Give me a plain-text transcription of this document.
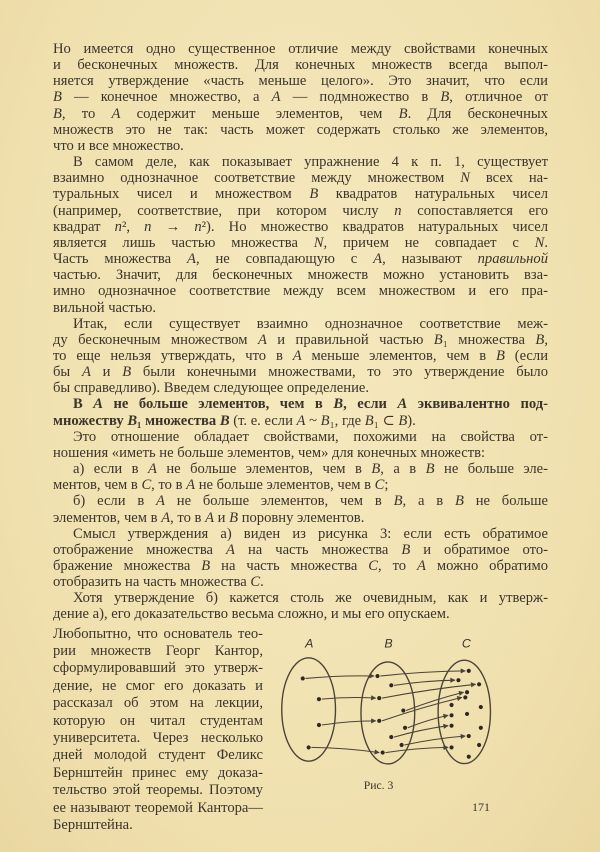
Но имеется одно существенное отличие между свойствами конечных
и бесконечных множеств. Для конечных множеств всегда выпол-
няется утверждение «часть меньше целого». Это значит, что если
B — конечное множество, а A — подмножество в B, отличное от
B, то A содержит меньше элементов, чем B. Для бесконечных
множеств это не так: часть может содержать столько же элементов,
что и все множество.
В самом деле, как показывает упражнение 4 к п. 1, существует
взаимно однозначное соответствие между множеством N всех на-
туральных чисел и множеством B квадратов натуральных чисел
(например, соответствие, при котором числу n сопоставляется его
квадрат n², n → n²). Но множество квадратов натуральных чисел
является лишь частью множества N, причем не совпадает с N.
Часть множества A, не совпадающую с A, называют правильной
частью. Значит, для бесконечных множеств можно установить вза-
имно однозначное соответствие между всем множеством и его пра-
вильной частью.
Итак, если существует взаимно однозначное соответствие меж-
ду бесконечным множеством A и правильной частью B₁ множества B,
то еще нельзя утверждать, что в A меньше элементов, чем в B (если
бы A и B были конечными множествами, то это утверждение было
бы справедливо). Введем следующее определение.
В A не больше элементов, чем в B, если A эквивалентно под-
множеству B₁ множества B (т. е. если A ~ B₁, где B₁ ⊂ B).
Это отношение обладает свойствами, похожими на свойства от-
ношения «иметь не больше элементов, чем» для конечных множеств:
а) если в A не больше элементов, чем в B, а в B не больше эле-
ментов, чем в C, то в A не больше элементов, чем в C;
б) если в A не больше элементов, чем в B, а в B не больше
элементов, чем в A, то в A и B поровну элементов.
Смысл утверждения а) виден из рисунка 3: если есть обратимое
отображение множества A на часть множества B и обратимое ото-
бражение множества B на часть множества C, то A можно обратимо
отобразить на часть множества C.
Хотя утверждение б) кажется столь же очевидным, как и утверж-
дение а), его доказательство весьма сложно, и мы его опускаем.
Любопытно, что основатель тео-
рии множеств Георг Кантор,
сформулировавший это утверж-
дение, не смог его доказать и
рассказал об этом на лекции,
которую он читал студентам
университета. Через несколько
дней молодой студент Феликс
Бернштейн принес ему доказа-
тельство этой теоремы. Поэтому
ее называют теоремой Кантора—
Бернштейна.
A B C
Рис. 3
171
